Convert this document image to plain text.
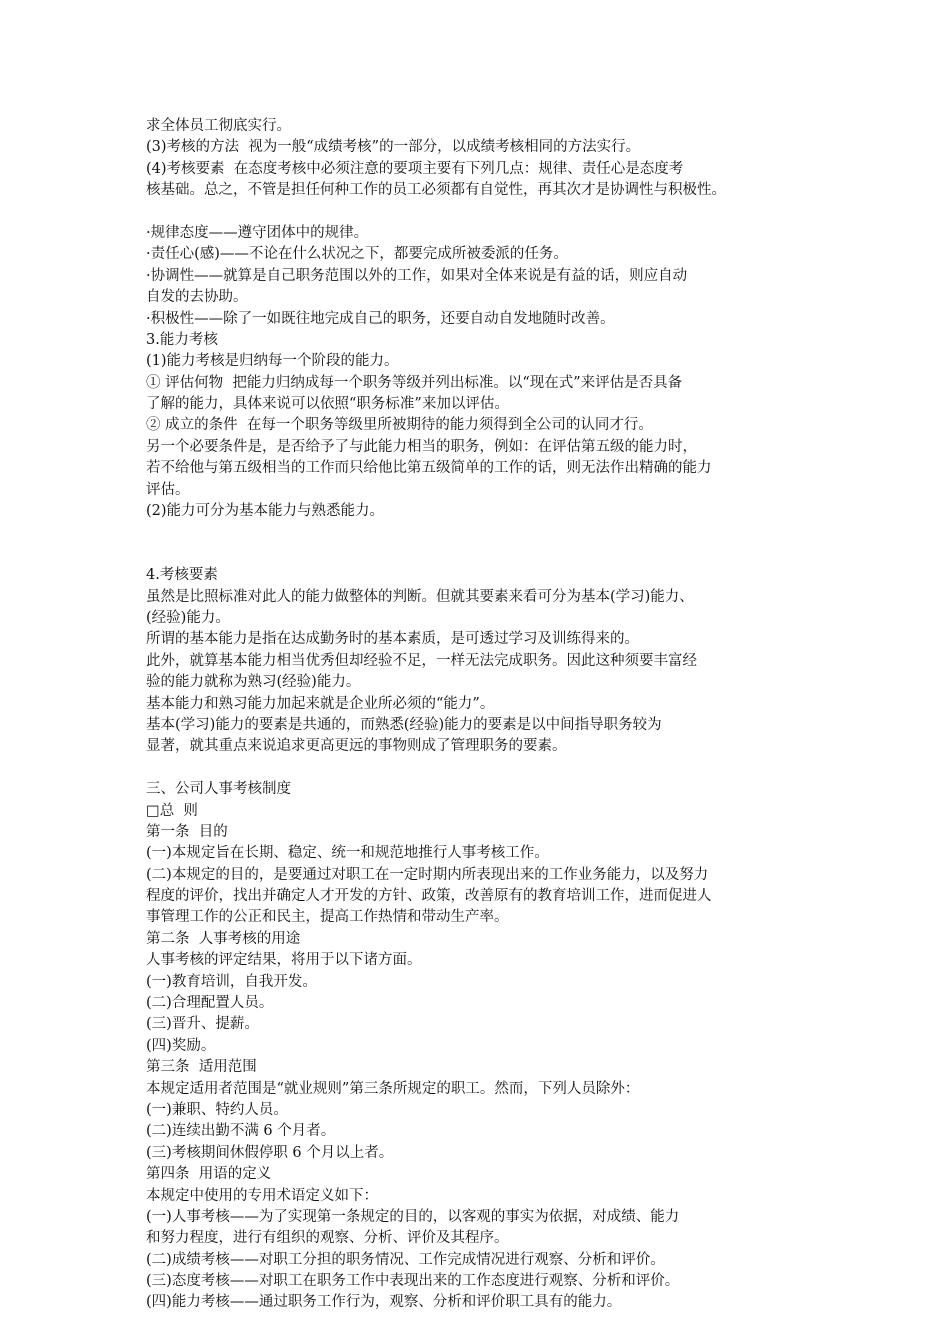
求全体员工彻底实行。
(3)考核的方法  视为一般“成绩考核”的一部分，以成绩考核相同的方法实行。
(4)考核要素  在态度考核中必须注意的要项主要有下列几点：规律、责任心是态度考
核基础。总之，不管是担任何种工作的员工必须都有自觉性，再其次才是协调性与积极性。
·规律态度——遵守团体中的规律。
·责任心(感)——不论在什么状况之下，都要完成所被委派的任务。
·协调性——就算是自己职务范围以外的工作，如果对全体来说是有益的话，则应自动
自发的去协助。
·积极性——除了一如既往地完成自己的职务，还要自动自发地随时改善。
3.能力考核
(1)能力考核是归纳每一个阶段的能力。
① 评估何物  把能力归纳成每一个职务等级并列出标准。以“现在式”来评估是否具备
了解的能力，具体来说可以依照“职务标准”来加以评估。
② 成立的条件  在每一个职务等级里所被期待的能力须得到全公司的认同才行。
另一个必要条件是，是否给予了与此能力相当的职务，例如：在评估第五级的能力时，
若不给他与第五级相当的工作而只给他比第五级简单的工作的话，则无法作出精确的能力
评估。
(2)能力可分为基本能力与熟悉能力。
4.考核要素
虽然是比照标准对此人的能力做整体的判断。但就其要素来看可分为基本(学习)能力、
(经验)能力。
所谓的基本能力是指在达成勤务时的基本素质，是可透过学习及训练得来的。
此外，就算基本能力相当优秀但却经验不足，一样无法完成职务。因此这种须要丰富经
验的能力就称为熟习(经验)能力。
基本能力和熟习能力加起来就是企业所必须的“能力”。
基本(学习)能力的要素是共通的，而熟悉(经验)能力的要素是以中间指导职务较为
显著，就其重点来说追求更高更远的事物则成了管理职务的要素。
三、公司人事考核制度
□总  则
第一条  目的
(一)本规定旨在长期、稳定、统一和规范地推行人事考核工作。
(二)本规定的目的，是要通过对职工在一定时期内所表现出来的工作业务能力，以及努力
程度的评价，找出并确定人才开发的方针、政策，改善原有的教育培训工作，进而促进人
事管理工作的公正和民主，提高工作热情和带动生产率。
第二条  人事考核的用途
人事考核的评定结果，将用于以下诸方面。
(一)教育培训，自我开发。
(二)合理配置人员。
(三)晋升、提薪。
(四)奖励。
第三条  适用范围
本规定适用者范围是“就业规则”第三条所规定的职工。然而，下列人员除外：
(一)兼职、特约人员。
(二)连续出勤不满 6 个月者。
(三)考核期间休假停职 6 个月以上者。
第四条  用语的定义
本规定中使用的专用术语定义如下：
(一)人事考核——为了实现第一条规定的目的，以客观的事实为依据，对成绩、能力
和努力程度，进行有组织的观察、分析、评价及其程序。
(二)成绩考核——对职工分担的职务情况、工作完成情况进行观察、分析和评价。
(三)态度考核——对职工在职务工作中表现出来的工作态度进行观察、分析和评价。
(四)能力考核——通过职务工作行为，观察、分析和评价职工具有的能力。
